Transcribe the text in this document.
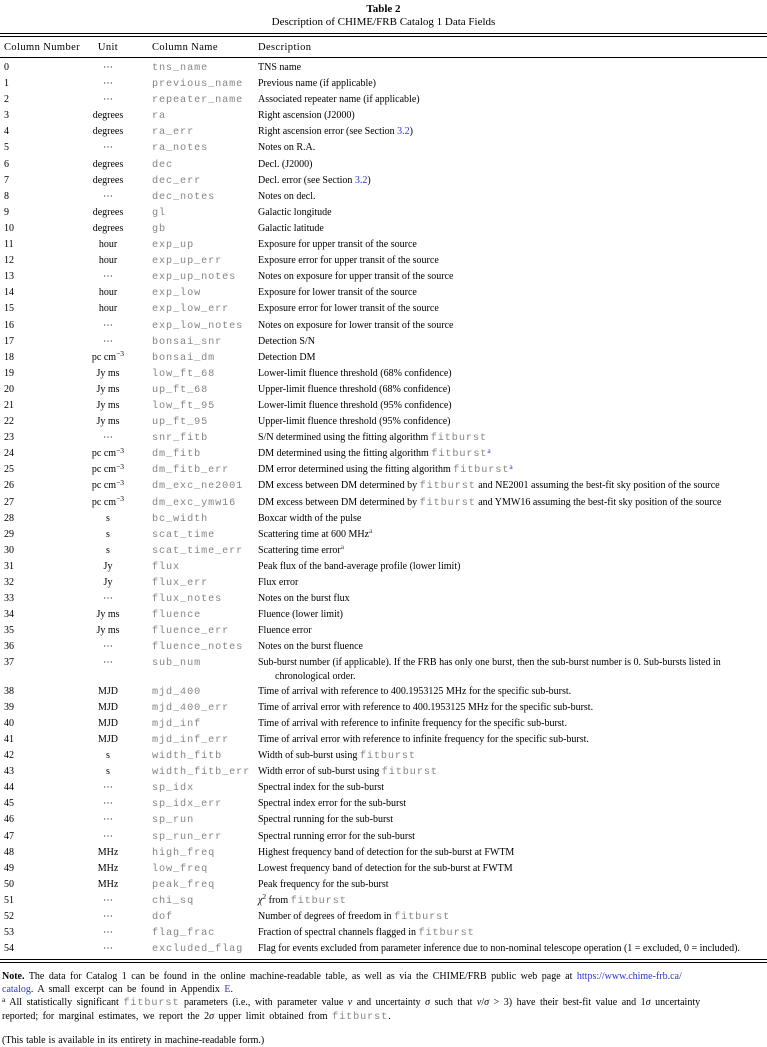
Table 2
Description of CHIME/FRB Catalog 1 Data Fields
Column Number	Unit	Column Name	Description
0	⋯	tns_name	TNS name
1	⋯	previous_name	Previous name (if applicable)
2	⋯	repeater_name	Associated repeater name (if applicable)
3	degrees	ra	Right ascension (J2000)
4	degrees	ra_err	Right ascension error (see Section 3.2)
5	⋯	ra_notes	Notes on R.A.
6	degrees	dec	Decl. (J2000)
7	degrees	dec_err	Decl. error (see Section 3.2)
8	⋯	dec_notes	Notes on decl.
9	degrees	gl	Galactic longitude
10	degrees	gb	Galactic latitude
11	hour	exp_up	Exposure for upper transit of the source
12	hour	exp_up_err	Exposure error for upper transit of the source
13	⋯	exp_up_notes	Notes on exposure for upper transit of the source
14	hour	exp_low	Exposure for lower transit of the source
15	hour	exp_low_err	Exposure error for lower transit of the source
16	⋯	exp_low_notes	Notes on exposure for lower transit of the source
17	⋯	bonsai_snr	Detection S/N
18	pc $cm^{-3}$	bonsai_dm	Detection DM
19	Jy ms	low_ft_68	Lower-limit fluence threshold (68% confidence)
20	Jy ms	up_ft_68	Upper-limit fluence threshold (68% confidence)
21	Jy ms	low_ft_95	Lower-limit fluence threshold (95% confidence)
22	Jy ms	up_ft_95	Upper-limit fluence threshold (95% confidence)
23	⋯	snr_fitb	S/N determined using the fitting algorithm fitburst
24	pc $cm^{-3}$	dm_fitb	DM determined using the fitting algorithm fitburst$^a$
25	pc $cm^{-3}$	dm_fitb_err	DM error determined using the fitting algorithm fitburst$^a$
26	pc $cm^{-3}$	dm_exc_ne2001	DM excess between DM determined by fitburst and NE2001 assuming the best-fit sky position of the source
27	pc $cm^{-3}$	dm_exc_ymw16	DM excess between DM determined by fitburst and YMW16 assuming the best-fit sky position of the source
28	s	bc_width	Boxcar width of the pulse
29	s	scat_time	Scattering time at 600 MHz$^a$
30	s	scat_time_err	Scattering time error$^a$
31	Jy	flux	Peak flux of the band-average profile (lower limit)
32	Jy	flux_err	Flux error
33	⋯	flux_notes	Notes on the burst flux
34	Jy ms	fluence	Fluence (lower limit)
35	Jy ms	fluence_err	Fluence error
36	⋯	fluence_notes	Notes on the burst fluence
37	⋯	sub_num	Sub-burst number (if applicable). If the FRB has only one burst, then the sub-burst number is 0. Sub-bursts listed in
chronological order.
38	MJD	mjd_400	Time of arrival with reference to 400.1953125 MHz for the specific sub-burst.
39	MJD	mjd_400_err	Time of arrival error with reference to 400.1953125 MHz for the specific sub-burst.
40	MJD	mjd_inf	Time of arrival with reference to infinite frequency for the specific sub-burst.
41	MJD	mjd_inf_err	Time of arrival error with reference to infinite frequency for the specific sub-burst.
42	s	width_fitb	Width of sub-burst using fitburst
43	s	width_fitb_err	Width error of sub-burst using fitburst
44	⋯	sp_idx	Spectral index for the sub-burst
45	⋯	sp_idx_err	Spectral index error for the sub-burst
46	⋯	sp_run	Spectral running for the sub-burst
47	⋯	sp_run_err	Spectral running error for the sub-burst
48	MHz	high_freq	Highest frequency band of detection for the sub-burst at FWTM
49	MHz	low_freq	Lowest frequency band of detection for the sub-burst at FWTM
50	MHz	peak_freq	Peak frequency for the sub-burst
51	⋯	chi_sq	$\chi^2$ from fitburst
52	⋯	dof	Number of degrees of freedom in fitburst
53	⋯	flag_frac	Fraction of spectral channels flagged in fitburst
54	⋯	excluded_flag	Flag for events excluded from parameter inference due to non-nominal telescope operation (1 = excluded, 0 = included).

Note. The data for Catalog 1 can be found in the online machine-readable table, as well as via the CHIME/FRB public web page at https://www.chime-frb.ca/
catalog. A small excerpt can be found in Appendix E.

$^a$ All statistically significant fitburst parameters (i.e., with parameter value ν and uncertainty σ such that ν/σ > 3) have their best-fit value and 1σ uncertainty
reported; for marginal estimates, we report the 2σ upper limit obtained from fitburst.

(This table is available in its entirety in machine-readable form.)
